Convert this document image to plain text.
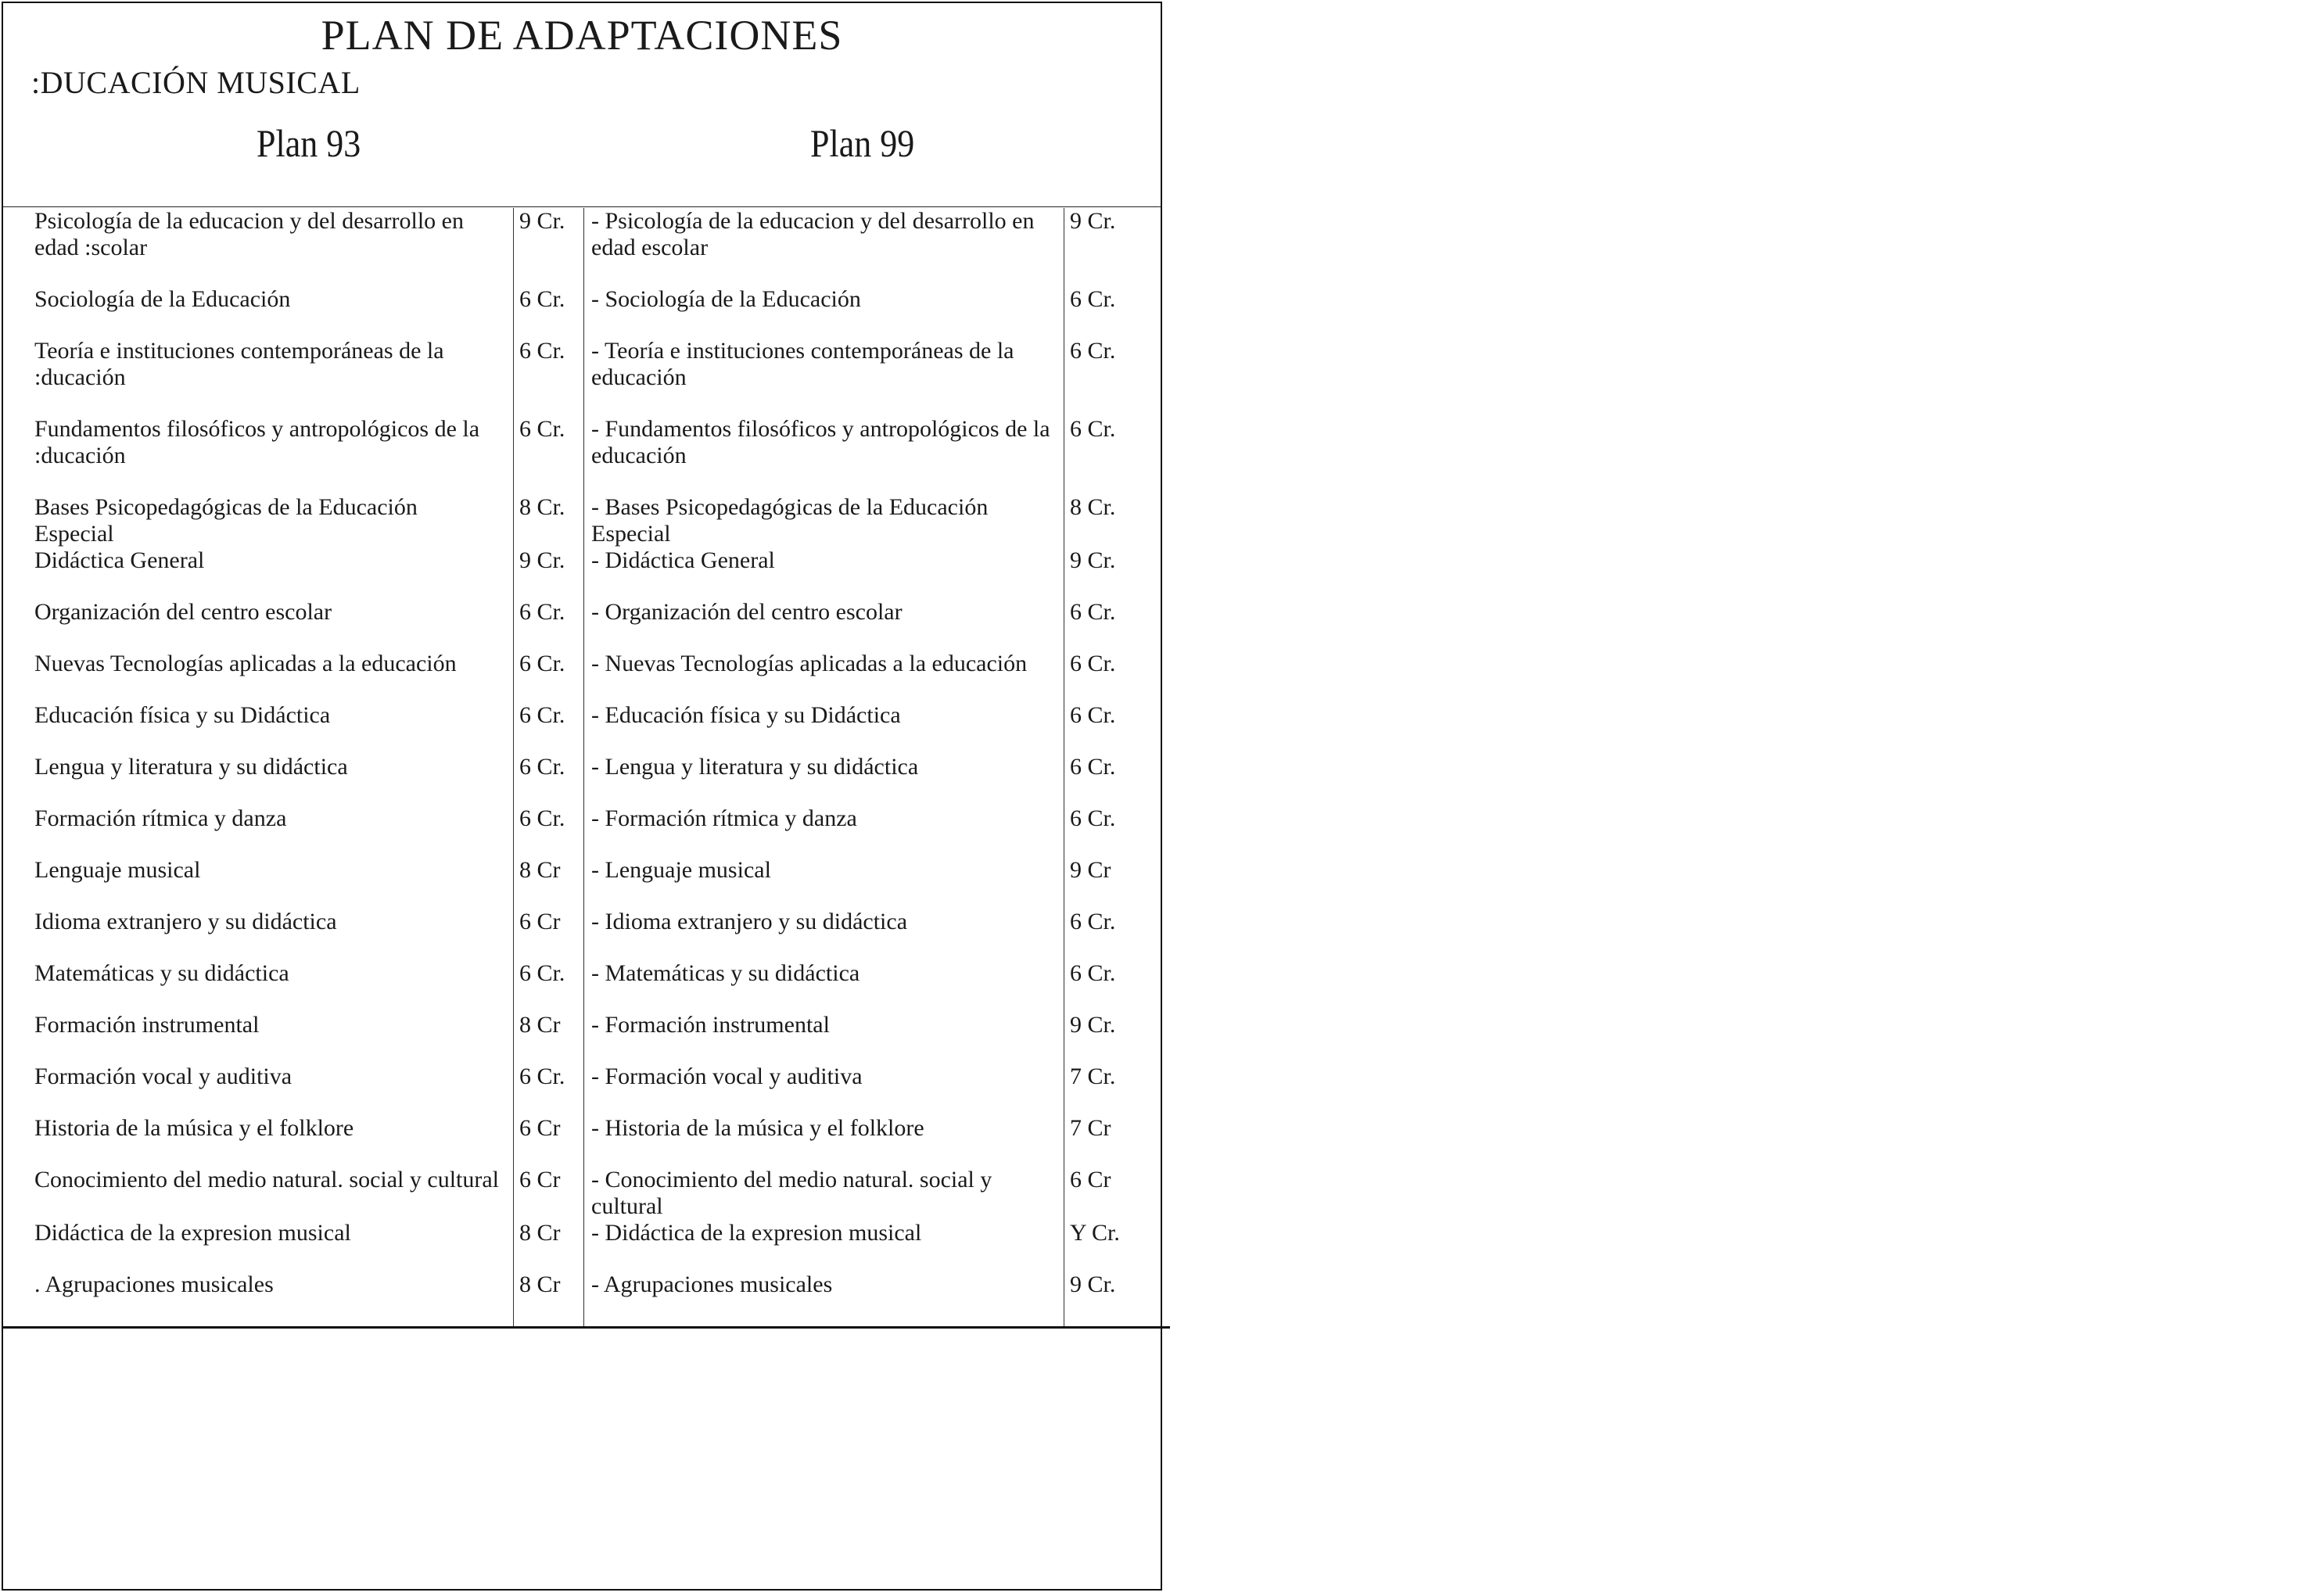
PLAN DE ADAPTACIONES
:DUCACIÓN MUSICAL
Plan 93	Plan 99
Psicología de la educacion y del desarrollo en edad :scolar	9 Cr.	- Psicología de la educacion y del desarrollo en edad escolar	9 Cr.
Sociología de la Educación	6 Cr.	- Sociología de la Educación	6 Cr.
Teoría e instituciones contemporáneas de la :ducación	6 Cr.	- Teoría e instituciones contemporáneas de la educación	6 Cr.
Fundamentos filosóficos y antropológicos de la :ducación	6 Cr.	- Fundamentos filosóficos y antropológicos de la educación	6 Cr.
Bases Psicopedagógicas de la Educación Especial	8 Cr.	- Bases Psicopedagógicas de la Educación Especial	8 Cr.
Didáctica General	9 Cr.	- Didáctica General	9 Cr.
Organización del centro escolar	6 Cr.	- Organización del centro escolar	6 Cr.
Nuevas Tecnologías aplicadas a la educación	6 Cr.	- Nuevas Tecnologías aplicadas a la educación	6 Cr.
Educación física y su Didáctica	6 Cr.	- Educación física y su Didáctica	6 Cr.
Lengua y literatura y su didáctica	6 Cr.	- Lengua y literatura y su didáctica	6 Cr.
Formación rítmica y danza	6 Cr.	- Formación rítmica y danza	6 Cr.
Lenguaje musical	8 Cr	- Lenguaje musical	9 Cr
Idioma extranjero y su didáctica	6 Cr	- Idioma extranjero y su didáctica	6 Cr.
Matemáticas y su didáctica	6 Cr.	- Matemáticas y su didáctica	6 Cr.
Formación instrumental	8 Cr	- Formación instrumental	9 Cr.
Formación vocal y auditiva	6 Cr.	- Formación vocal y auditiva	7 Cr.
Historia de la música y el folklore	6 Cr	- Historia de la música y el folklore	7 Cr
Conocimiento del medio natural. social y cultural	6 Cr	- Conocimiento del medio natural. social y cultural	6 Cr
Didáctica de la expresion musical	8 Cr	- Didáctica de la expresion musical	Y Cr.
. Agrupaciones musicales	8 Cr	- Agrupaciones musicales	9 Cr.
